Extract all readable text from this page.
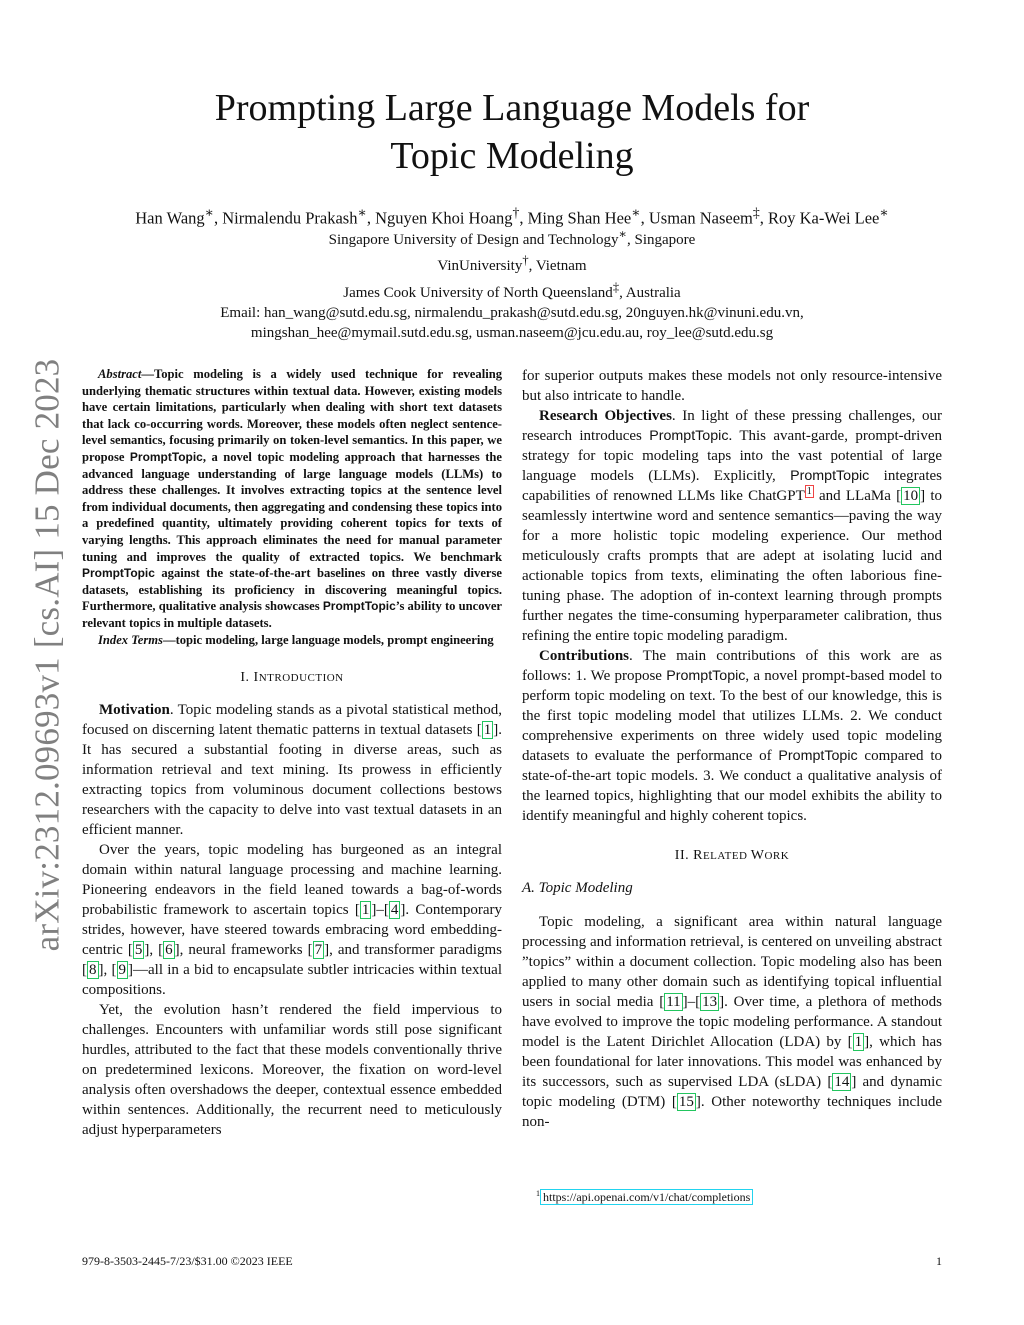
arXiv:2312.09693v1 [cs.AI] 15 Dec 2023
Prompting Large Language Models for
Topic Modeling
Han Wang∗, Nirmalendu Prakash∗, Nguyen Khoi Hoang†, Ming Shan Hee∗, Usman Naseem‡, Roy Ka-Wei Lee∗
Singapore University of Design and Technology∗, Singapore
VinUniversity†, Vietnam
James Cook University of North Queensland‡, Australia
Email: han_wang@sutd.edu.sg, nirmalendu_prakash@sutd.edu.sg, 20nguyen.hk@vinuni.edu.vn,
mingshan_hee@mymail.sutd.edu.sg, usman.naseem@jcu.edu.au, roy_lee@sutd.edu.sg

Abstract—Topic modeling is a widely used technique for revealing underlying thematic structures within textual data. However, existing models have certain limitations, particularly when dealing with short text datasets that lack co-occurring words. Moreover, these models often neglect sentence-level semantics, focusing primarily on token-level semantics. In this paper, we propose PromptTopic, a novel topic modeling approach that harnesses the advanced language understanding of large language models (LLMs) to address these challenges. It involves extracting topics at the sentence level from individual documents, then aggregating and condensing these topics into a predefined quantity, ultimately providing coherent topics for texts of varying lengths. This approach eliminates the need for manual parameter tuning and improves the quality of extracted topics. We benchmark PromptTopic against the state-of-the-art baselines on three vastly diverse datasets, establishing its proficiency in discovering meaningful topics. Furthermore, qualitative analysis showcases PromptTopic’s ability to uncover relevant topics in multiple datasets.

Index Terms—topic modeling, large language models, prompt engineering

I. INTRODUCTION

Motivation. Topic modeling stands as a pivotal statistical method, focused on discerning latent thematic patterns in textual datasets [ 1 ]. It has secured a substantial footing in diverse areas, such as information retrieval and text mining. Its prowess in efficiently extracting topics from voluminous document collections bestows researchers with the capacity to delve into vast textual datasets in an efficient manner.

Over the years, topic modeling has burgeoned as an integral domain within natural language processing and machine learning. Pioneering endeavors in the field leaned towards a bag-of-words probabilistic framework to ascertain topics [ 1 ]–[ 4 ]. Contemporary strides, however, have steered towards embracing word embedding-centric [ 5 ], [ 6 ], neural frameworks [ 7 ], and transformer paradigms [ 8 ], [ 9 ]—all in a bid to encapsulate subtler intricacies within textual compositions.

Yet, the evolution hasn’t rendered the field impervious to challenges. Encounters with unfamiliar words still pose significant hurdles, attributed to the fact that these models conventionally thrive on predetermined lexicons. Moreover, the fixation on word-level analysis often overshadows the deeper, contextual essence embedded within sentences. Additionally, the recurrent need to meticulously adjust hyperparameters

for superior outputs makes these models not only resource-intensive but also intricate to handle.

Research Objectives. In light of these pressing challenges, our research introduces PromptTopic. This avant-garde, prompt-driven strategy for topic modeling taps into the vast potential of large language models (LLMs). Explicitly, PromptTopic integrates capabilities of renowned LLMs like ChatGPT $^1$ and LLaMa [ 10 ] to seamlessly intertwine word and sentence semantics—paving the way for a more holistic topic modeling experience. Our method meticulously crafts prompts that are adept at isolating lucid and actionable topics from texts, eliminating the often laborious fine-tuning phase. The adoption of in-context learning through prompts further negates the time-consuming hyperparameter calibration, thus refining the entire topic modeling paradigm.

Contributions. The main contributions of this work are as follows: 1. We propose PromptTopic, a novel prompt-based model to perform topic modeling on text. To the best of our knowledge, this is the first topic modeling model that utilizes LLMs. 2. We conduct comprehensive experiments on three widely used topic modeling datasets to evaluate the performance of PromptTopic compared to state-of-the-art topic models. 3. We conduct a qualitative analysis of the learned topics, highlighting that our model exhibits the ability to identify meaningful and highly coherent topics.

II. RELATED WORK
A. Topic Modeling

Topic modeling, a significant area within natural language processing and information retrieval, is centered on unveiling abstract ”topics” within a document collection. Topic modeling also has been applied to many other domain such as identifying topical influential users in social media [ 11 ]–[ 13 ]. Over time, a plethora of methods have evolved to improve the topic modeling performance. A standout model is the Latent Dirichlet Allocation (LDA) by [ 1 ], which has been foundational for later innovations. This model was enhanced by its successors, such as supervised LDA (sLDA) [ 14 ] and dynamic topic modeling (DTM) [ 15 ]. Other noteworthy techniques include non-

$^1$ https://api.openai.com/v1/chat/completions
979-8-3503-2445-7/23/$31.00 ©2023 IEEE	1
